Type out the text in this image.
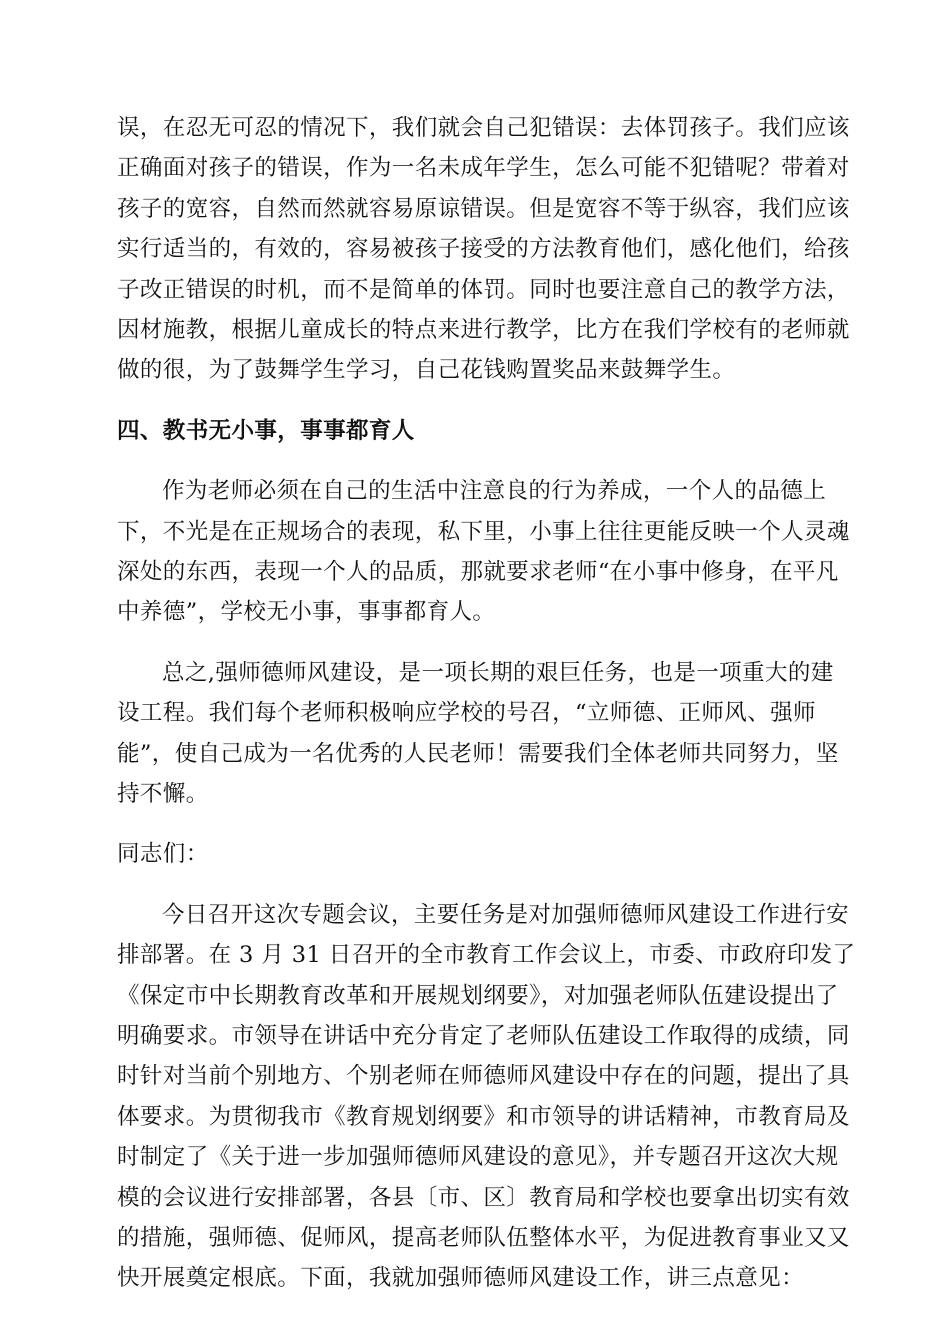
误，在忍无可忍的情况下，我们就会自己犯错误：去体罚孩子。我们应该
正确面对孩子的错误，作为一名未成年学生，怎么可能不犯错呢？带着对
孩子的宽容，自然而然就容易原谅错误。但是宽容不等于纵容，我们应该
实行适当的，有效的，容易被孩子接受的方法教育他们，感化他们，给孩
子改正错误的时机，而不是简单的体罚。同时也要注意自己的教学方法，
因材施教，根据儿童成长的特点来进行教学，比方在我们学校有的老师就
做的很，为了鼓舞学生学习，自己花钱购置奖品来鼓舞学生。
四、教书无小事，事事都育人
作为老师必须在自己的生活中注意良的行为养成，一个人的品德上
下，不光是在正规场合的表现，私下里，小事上往往更能反映一个人灵魂
深处的东西，表现一个人的品质，那就要求老师“在小事中修身，在平凡
中养德”，学校无小事，事事都育人。
总之,强师德师风建设，是一项长期的艰巨任务，也是一项重大的建
设工程。我们每个老师积极响应学校的号召，“立师德、正师风、强师
能”，使自己成为一名优秀的人民老师！需要我们全体老师共同努力，坚
持不懈。
同志们：
今日召开这次专题会议，主要任务是对加强师德师风建设工作进行安
排部署。在 3 月 31 日召开的全市教育工作会议上，市委、市政府印发了
《保定市中长期教育改革和开展规划纲要》，对加强老师队伍建设提出了
明确要求。市领导在讲话中充分肯定了老师队伍建设工作取得的成绩，同
时针对当前个别地方、个别老师在师德师风建设中存在的问题，提出了具
体要求。为贯彻我市《教育规划纲要》和市领导的讲话精神，市教育局及
时制定了《关于进一步加强师德师风建设的意见》，并专题召开这次大规
模的会议进行安排部署，各县〔市、区〕教育局和学校也要拿出切实有效
的措施，强师德、促师风，提高老师队伍整体水平，为促进教育事业又又
快开展奠定根底。下面，我就加强师德师风建设工作，讲三点意见：
